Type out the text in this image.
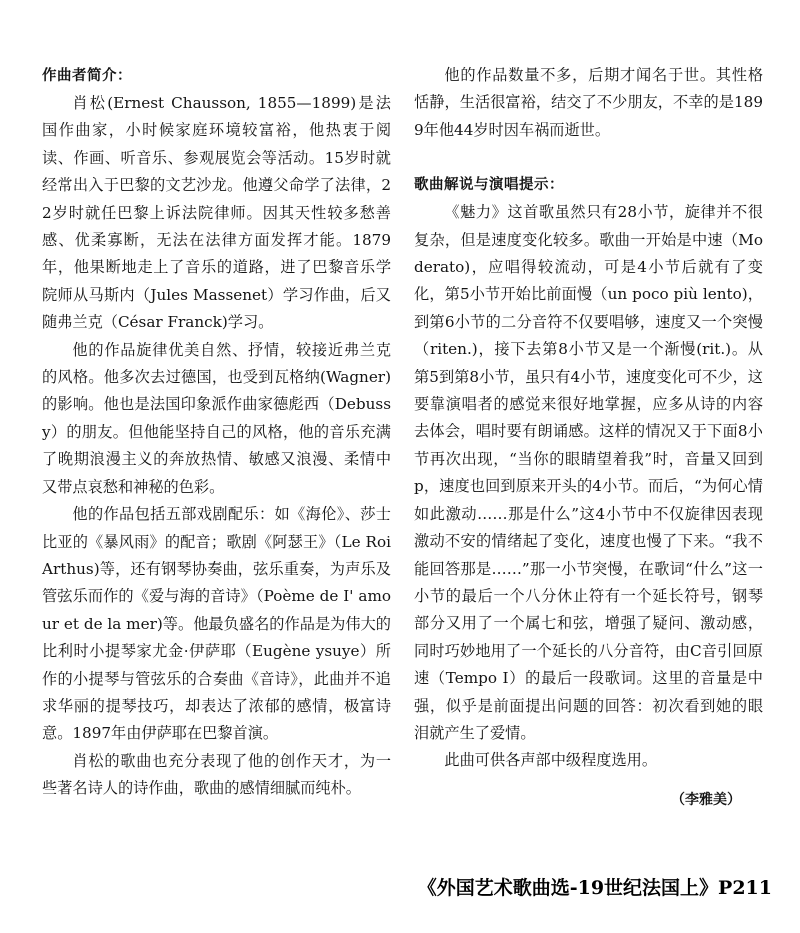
作曲者简介：

肖松(Ernest Chausson, 1855—1899)是法国作曲家，小时候家庭环境较富裕，他热衷于阅读、作画、听音乐、参观展览会等活动。15岁时就经常出入于巴黎的文艺沙龙。他遵父命学了法律，22岁时就任巴黎上诉法院律师。因其天性较多愁善感、优柔寡断，无法在法律方面发挥才能。1879年，他果断地走上了音乐的道路，进了巴黎音乐学院师从马斯内（Jules Massenet）学习作曲，后又随弗兰克（César Franck)学习。

他的作品旋律优美自然、抒情，较接近弗兰克的风格。他多次去过德国，也受到瓦格纳(Wagner)的影响。他也是法国印象派作曲家德彪西（Debussy）的朋友。但他能坚持自己的风格，他的音乐充满了晚期浪漫主义的奔放热情、敏感又浪漫、柔情中又带点哀愁和神秘的色彩。

他的作品包括五部戏剧配乐：如《海伦》、莎士比亚的《暴风雨》的配音；歌剧《阿瑟王》（Le Roi Arthus)等，还有钢琴协奏曲，弦乐重奏，为声乐及管弦乐而作的《爱与海的音诗》（Poème de I' amour et de la mer)等。他最负盛名的作品是为伟大的比利时小提琴家尤金·伊萨耶（Eugène ysuye）所作的小提琴与管弦乐的合奏曲《音诗》，此曲并不追求华丽的提琴技巧，却表达了浓郁的感情，极富诗意。1897年由伊萨耶在巴黎首演。

肖松的歌曲也充分表现了他的创作天才，为一些著名诗人的诗作曲，歌曲的感情细腻而纯朴。

他的作品数量不多，后期才闻名于世。其性格恬静，生活很富裕，结交了不少朋友，不幸的是1899年他44岁时因车祸而逝世。

歌曲解说与演唱提示：

《魅力》这首歌虽然只有28小节，旋律并不很复杂，但是速度变化较多。歌曲一开始是中速（Moderato)，应唱得较流动，可是4小节后就有了变化，第5小节开始比前面慢（un poco più lento)，到第6小节的二分音符不仅要唱够，速度又一个突慢（riten.)，接下去第8小节又是一个渐慢(rit.)。从第5到第8小节，虽只有4小节，速度变化可不少，这要靠演唱者的感觉来很好地掌握，应多从诗的内容去体会，唱时要有朗诵感。这样的情况又于下面8小节再次出现，“当你的眼睛望着我”时，音量又回到p，速度也回到原来开头的4小节。而后，“为何心情如此激动……那是什么”这4小节中不仅旋律因表现激动不安的情绪起了变化，速度也慢了下来。“我不能回答那是……”那一小节突慢，在歌词“什么”这一小节的最后一个八分休止符有一个延长符号，钢琴部分又用了一个属七和弦，增强了疑问、激动感，同时巧妙地用了一个延长的八分音符，由C音引回原速（Tempo Ⅰ）的最后一段歌词。这里的音量是中强，似乎是前面提出问题的回答：初次看到她的眼泪就产生了爱情。

此曲可供各声部中级程度选用。

（李雅美）
《外国艺术歌曲选-19世纪法国上》P211
